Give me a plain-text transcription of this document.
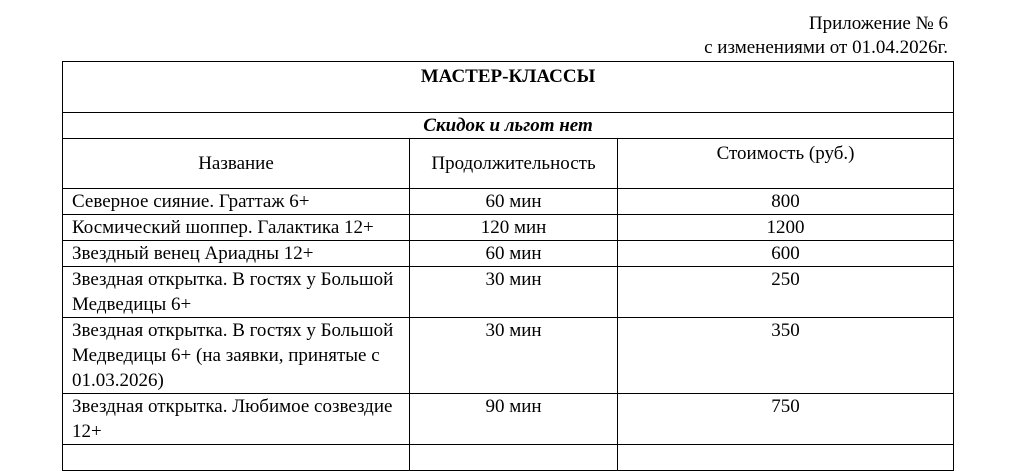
Приложение № 6
с изменениями от 01.04.2026г.
МАСТЕР-КЛАССЫ		
Скидок и льгот нет		
Название	Продолжительность	Стоимость (руб.)
Северное сияние. Граттаж 6+	60 мин	800
Космический шоппер. Галактика 12+	120 мин	1200
Звездный венец Ариадны 12+	60 мин	600
Звездная открытка. В гостях у Большой Медведицы 6+	30 мин	250
Звездная открытка. В гостях у Большой Медведицы 6+ (на заявки, принятые с 01.03.2026)	30 мин	350
Звездная открытка. Любимое созвездие 12+	90 мин	750
